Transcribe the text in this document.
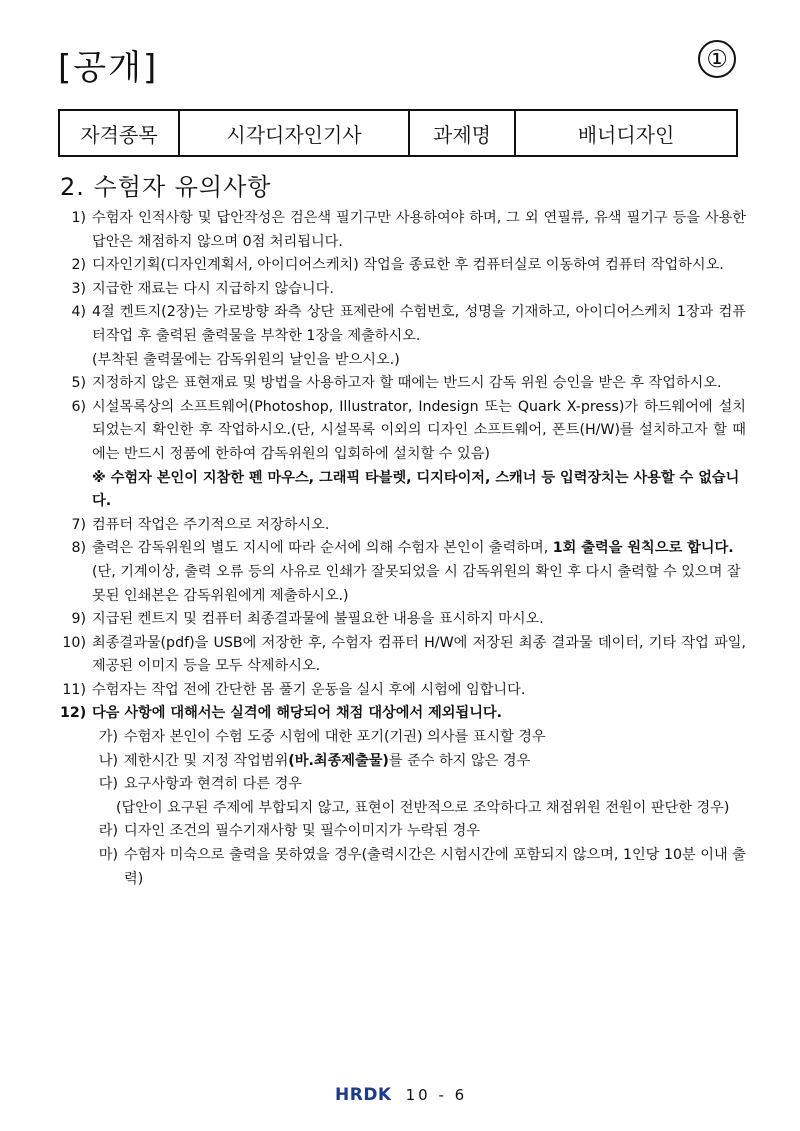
[공개]	①
자격종목	시각디자인기사	과제명	배너디자인
2. 수험자 유의사항
1) 수험자 인적사항 및 답안작성은 검은색 필기구만 사용하여야 하며, 그 외 연필류, 유색 필기구 등을 사용한 답안은 채점하지 않으며 0점 처리됩니다.
2) 디자인기획(디자인계획서, 아이디어스케치) 작업을 종료한 후 컴퓨터실로 이동하여 컴퓨터 작업하시오.
3) 지급한 재료는 다시 지급하지 않습니다.
4) 4절 켄트지(2장)는 가로방향 좌측 상단 표제란에 수험번호, 성명을 기재하고, 아이디어스케치 1장과 컴퓨터작업 후 출력된 출력물을 부착한 1장을 제출하시오.
(부착된 출력물에는 감독위원의 날인을 받으시오.)
5) 지정하지 않은 표현재료 및 방법을 사용하고자 할 때에는 반드시 감독 위원 승인을 받은 후 작업하시오.
6) 시설목록상의 소프트웨어(Photoshop, Illustrator, Indesign 또는 Quark X-press)가 하드웨어에 설치되었는지 확인한 후 작업하시오.(단, 시설목록 이외의 디자인 소프트웨어, 폰트(H/W)를 설치하고자 할 때에는 반드시 정품에 한하여 감독위원의 입회하에 설치할 수 있음)
※ 수험자 본인이 지참한 펜 마우스, 그래픽 타블렛, 디지타이저, 스캐너 등 입력장치는 사용할 수 없습니다.
7) 컴퓨터 작업은 주기적으로 저장하시오.
8) 출력은 감독위원의 별도 지시에 따라 순서에 의해 수험자 본인이 출력하며, 1회 출력을 원칙으로 합니다.
(단, 기계이상, 출력 오류 등의 사유로 인쇄가 잘못되었을 시 감독위원의 확인 후 다시 출력할 수 있으며 잘못된 인쇄본은 감독위원에게 제출하시오.)
9) 지급된 켄트지 및 컴퓨터 최종결과물에 불필요한 내용을 표시하지 마시오.
10) 최종결과물(pdf)을 USB에 저장한 후, 수험자 컴퓨터 H/W에 저장된 최종 결과물 데이터, 기타 작업 파일, 제공된 이미지 등을 모두 삭제하시오.
11) 수험자는 작업 전에 간단한 몸 풀기 운동을 실시 후에 시험에 임합니다.
12) 다음 사항에 대해서는 실격에 해당되어 채점 대상에서 제외됩니다.
가) 수험자 본인이 수험 도중 시험에 대한 포기(기권) 의사를 표시할 경우
나) 제한시간 및 지정 작업범위(바.최종제출물)를 준수 하지 않은 경우
다) 요구사항과 현격히 다른 경우
(답안이 요구된 주제에 부합되지 않고, 표현이 전반적으로 조악하다고 채점위원 전원이 판단한 경우)
라) 디자인 조건의 필수기재사항 및 필수이미지가 누락된 경우
마) 수험자 미숙으로 출력을 못하였을 경우(출력시간은 시험시간에 포함되지 않으며, 1인당 10분 이내 출력)
HRDK 10 - 6
